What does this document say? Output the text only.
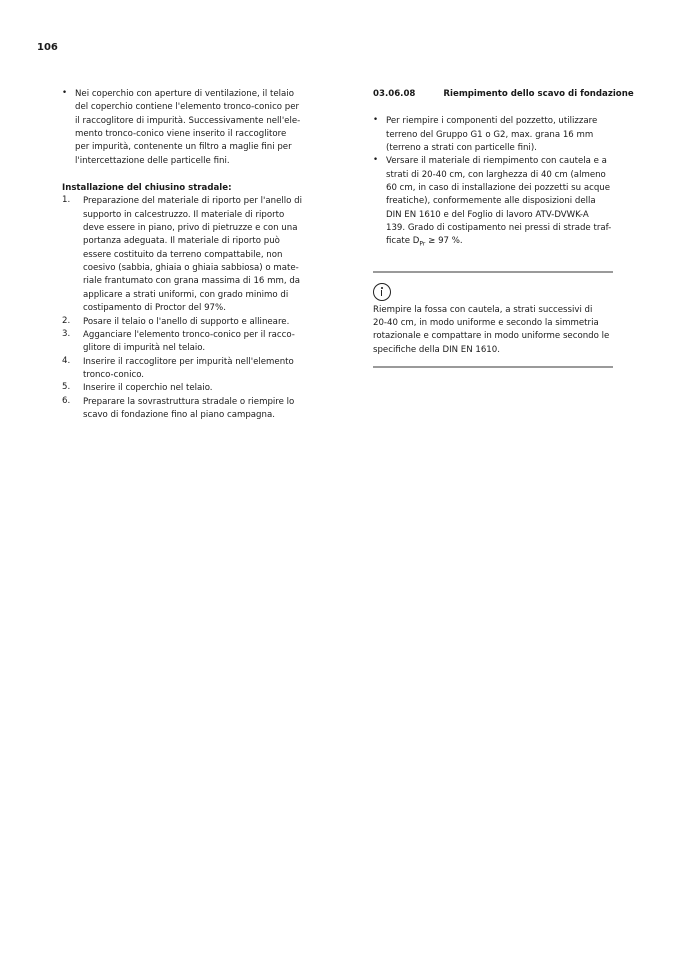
106
• Nei coperchio con aperture di ventilazione, il telaio
del coperchio contiene l'elemento tronco-conico per
il raccoglitore di impurità. Successivamente nell'ele-
mento tronco-conico viene inserito il raccoglitore
per impurità, contenente un filtro a maglie fini per
l'intercettazione delle particelle fini.
Installazione del chiusino stradale:
1. Preparazione del materiale di riporto per l'anello di
supporto in calcestruzzo. Il materiale di riporto
deve essere in piano, privo di pietruzze e con una
portanza adeguata. Il materiale di riporto può
essere costituito da terreno compattabile, non
coesivo (sabbia, ghiaia o ghiaia sabbiosa) o mate-
riale frantumato con grana massima di 16 mm, da
applicare a strati uniformi, con grado minimo di
costipamento di Proctor del 97%.
2. Posare il telaio o l'anello di supporto e allineare.
3. Agganciare l'elemento tronco-conico per il racco-
glitore di impurità nel telaio.
4. Inserire il raccoglitore per impurità nell'elemento
tronco-conico.
5. Inserire il coperchio nel telaio.
6. Preparare la sovrastruttura stradale o riempire lo
scavo di fondazione fino al piano campagna.
03.06.08	Riempimento dello scavo di fondazione
• Per riempire i componenti del pozzetto, utilizzare
terreno del Gruppo G1 o G2, max. grana 16 mm
(terreno a strati con particelle fini).
• Versare il materiale di riempimento con cautela e a
strati di 20-40 cm, con larghezza di 40 cm (almeno
60 cm, in caso di installazione dei pozzetti su acque
freatiche), conformemente alle disposizioni della
DIN EN 1610 e del Foglio di lavoro ATV-DVWK-A
139. Grado di costipamento nei pressi di strade traf-
ficate $D_{Pr} \ge 97$ %.
Riempire la fossa con cautela, a strati successivi di
20-40 cm, in modo uniforme e secondo la simmetria
rotazionale e compattare in modo uniforme secondo le
specifiche della DIN EN 1610.
